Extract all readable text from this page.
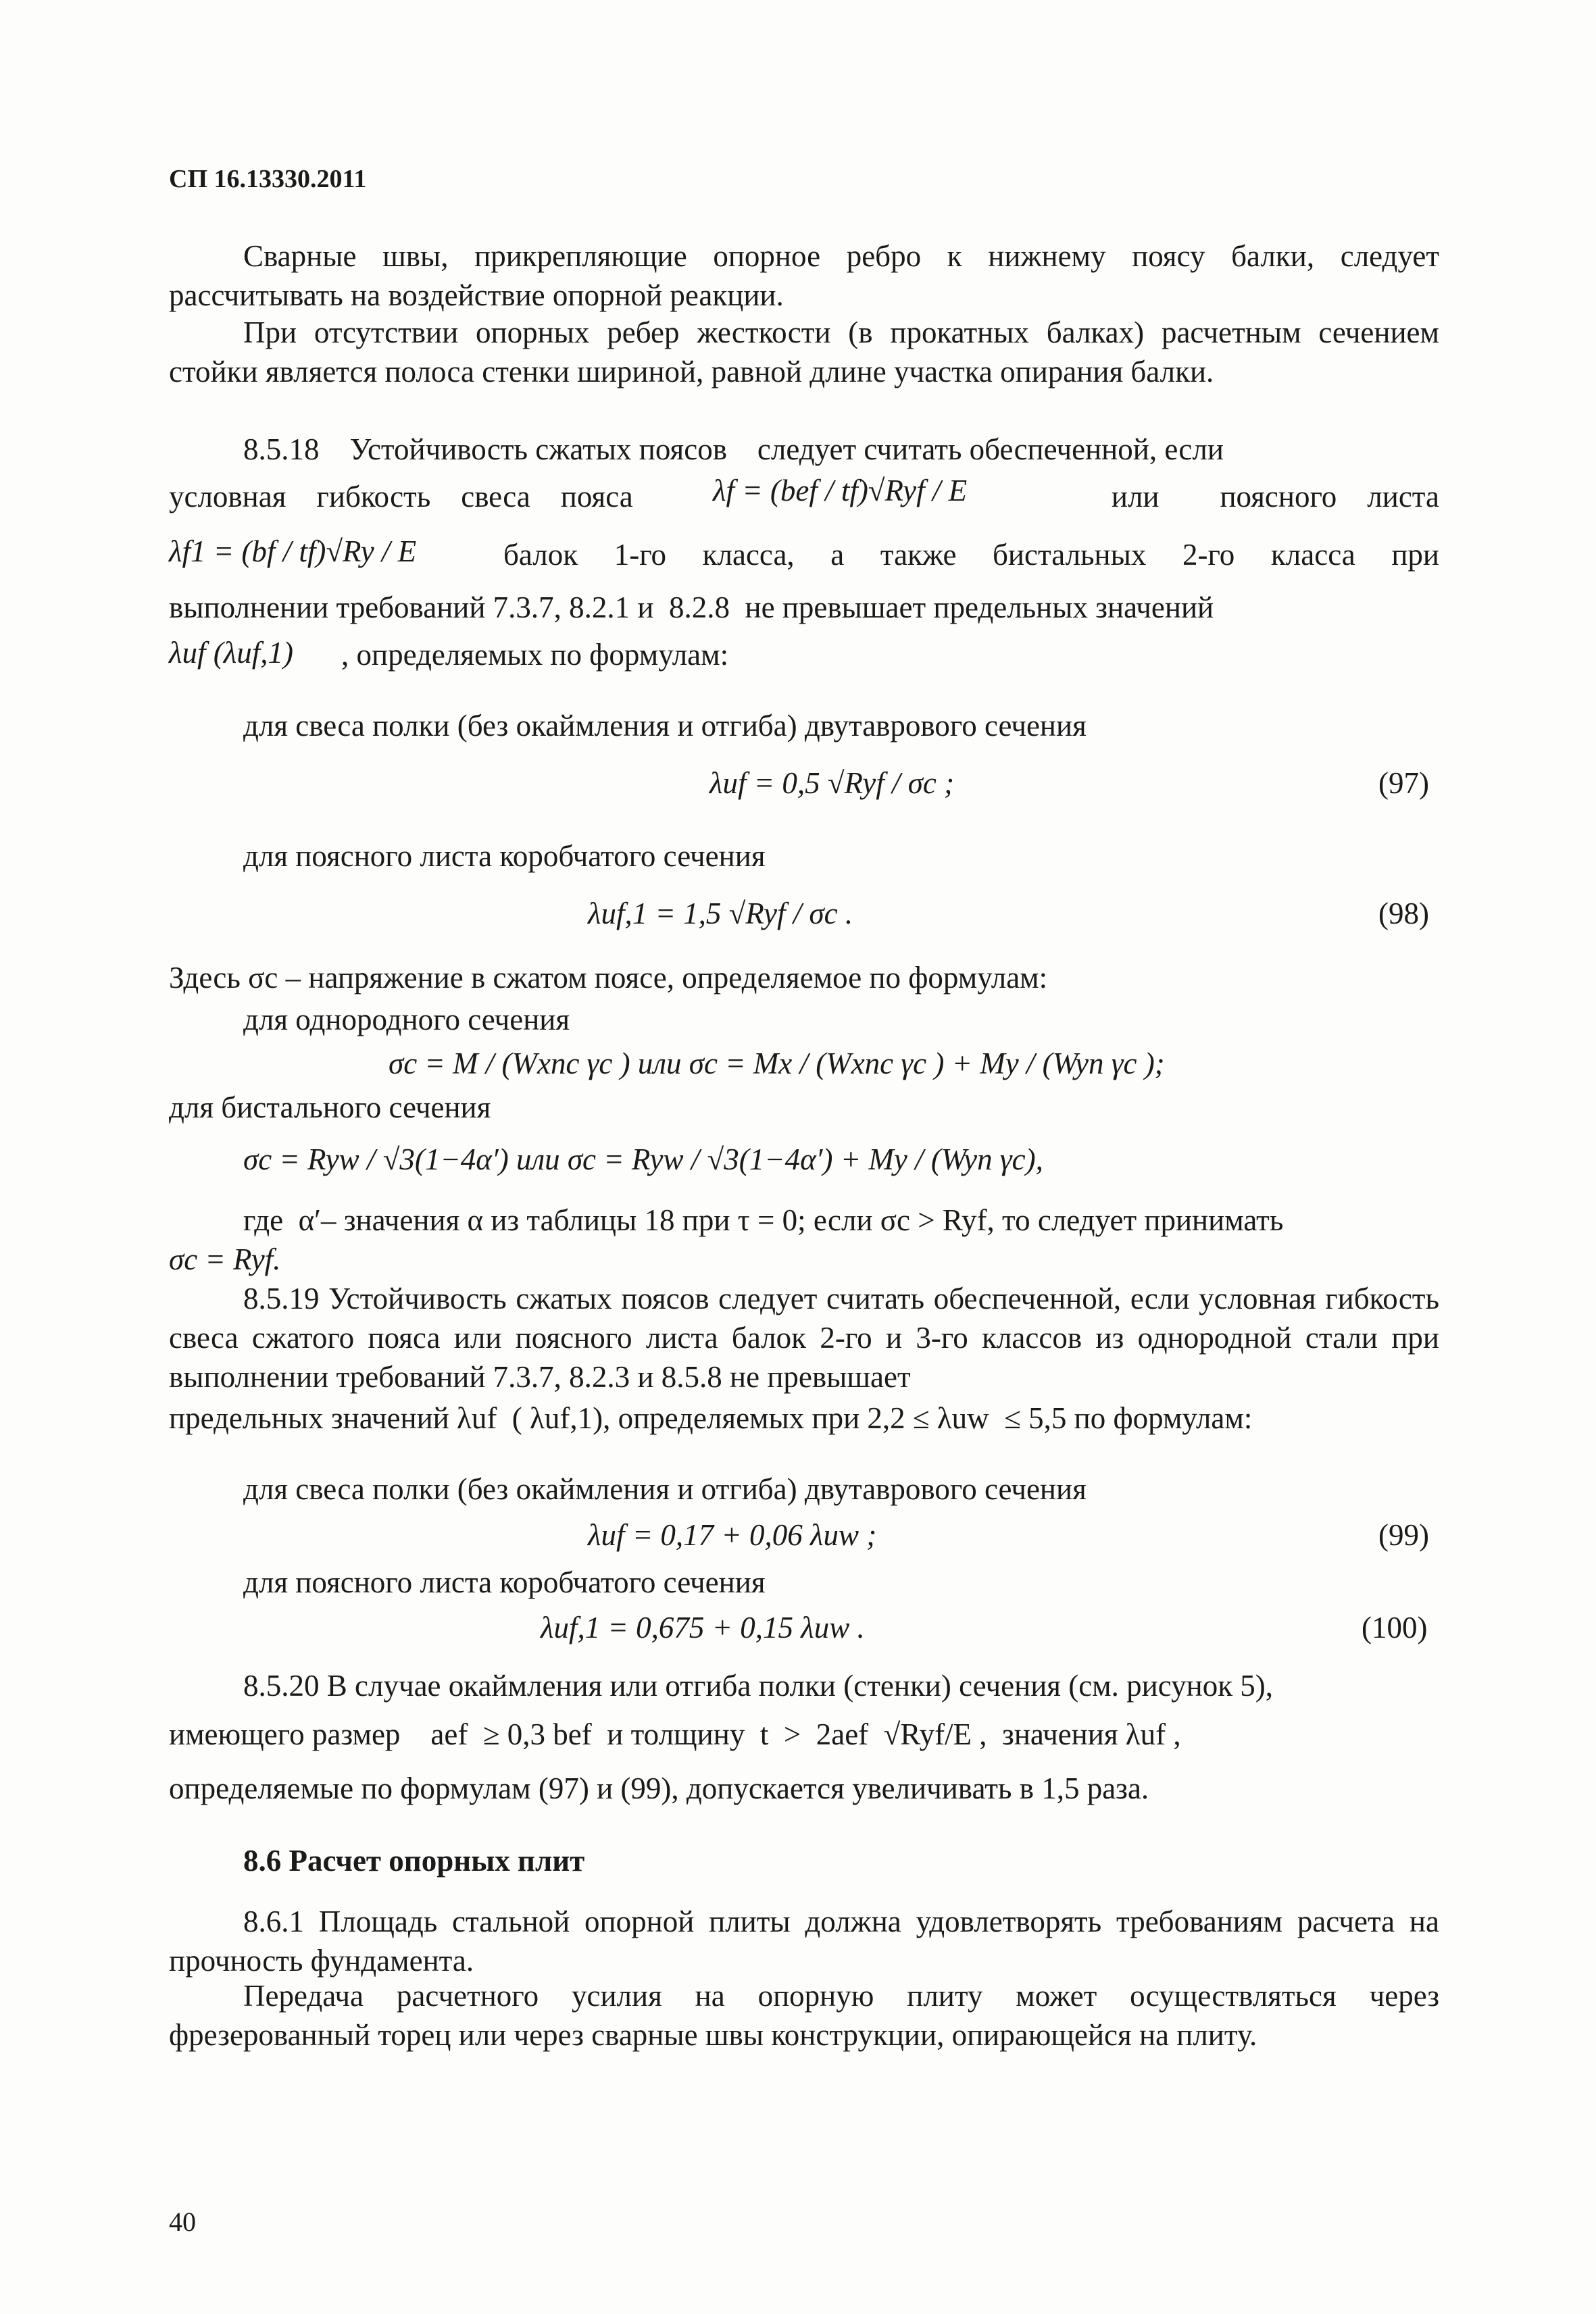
СП 16.13330.2011
Сварные швы, прикрепляющие опорное ребро к нижнему поясу балки, следует рассчитывать на воздействие опорной реакции.
При отсутствии опорных ребер жесткости (в прокатных балках) расчетным сечением стойки является полоса стенки шириной, равной длине участка опирания балки.
8.5.18    Устойчивость сжатых поясов    следует считать обеспеченной, если
условная    гибкость    свеса    пояса	λf = (bef / tf)√Ryf / E	или        поясного    листа
λf1 = (bf / tf)√Ry / E	балок 1-го класса, а также бистальных 2-го класса при
выполнении требований 7.3.7, 8.2.1 и  8.2.8  не превышает предельных значений
λuf (λuf,1) , определяемых по формулам:
для свеса полки (без окаймления и отгиба) двутаврового сечения
λuf = 0,5 √Ryf / σc ;	(97)
для поясного листа коробчатого сечения
λuf,1 = 1,5 √Ryf / σc .	(98)
Здесь σc – напряжение в сжатом поясе, определяемое по формулам:
для однородного сечения
σc = M / (Wxnc γc ) или σc = Mx / (Wxnc γc ) + My / (Wyn γc );
для бистального сечения
σc = Ryw / √3(1−4α′) или σc = Ryw / √3(1−4α′) + My / (Wyn γc),
где  α′– значения α из таблицы 18 при τ = 0; если σc > Ryf, то следует принимать
σc = Ryf.
8.5.19 Устойчивость сжатых поясов следует считать обеспеченной, если условная гибкость свеса сжатого пояса или поясного листа балок 2-го и 3-го классов из однородной стали при выполнении требований 7.3.7, 8.2.3 и 8.5.8 не превышает
предельных значений λuf  ( λuf,1), определяемых при 2,2 ≤ λuw  ≤ 5,5 по формулам:
для свеса полки (без окаймления и отгиба) двутаврового сечения
λuf = 0,17 + 0,06 λuw ;	(99)
для поясного листа коробчатого сечения
λuf,1 = 0,675 + 0,15 λuw .	(100)
8.5.20 В случае окаймления или отгиба полки (стенки) сечения (см. рисунок 5),
имеющего размер    aef  ≥ 0,3 bef  и толщину  t  >  2aef  √Ryf/E ,  значения λuf ,
определяемые по формулам (97) и (99), допускается увеличивать в 1,5 раза.
8.6 Расчет опорных плит
8.6.1 Площадь стальной опорной плиты должна удовлетворять требованиям расчета на прочность фундамента.
Передача расчетного усилия на опорную плиту может осуществляться через фрезерованный торец или через сварные швы конструкции, опирающейся на плиту.
40
